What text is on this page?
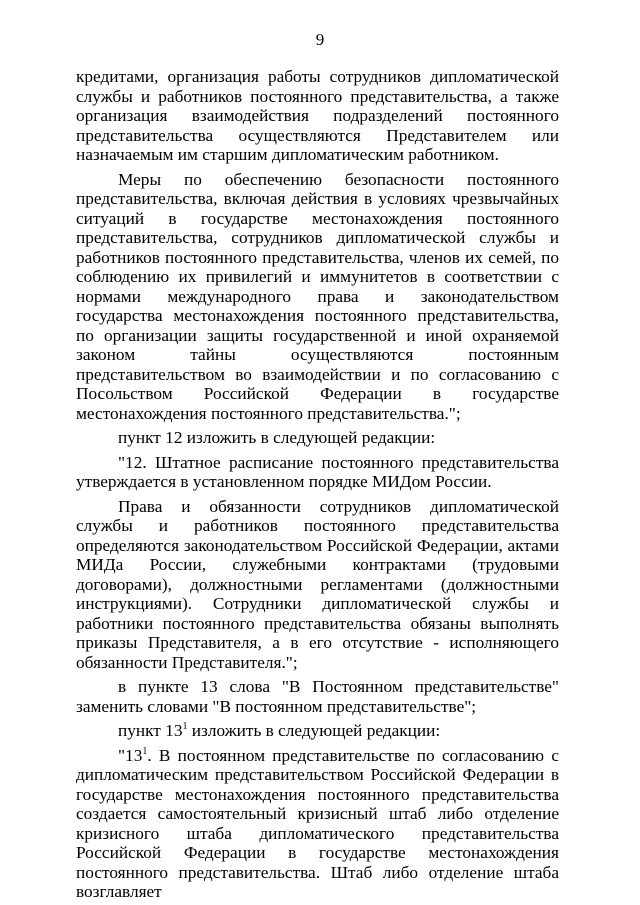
9

кредитами, организация работы сотрудников дипломатической службы и работников постоянного представительства, а также организация взаимодействия подразделений постоянного представительства осуществляются Представителем или назначаемым им старшим дипломатическим работником.

Меры по обеспечению безопасности постоянного представительства, включая действия в условиях чрезвычайных ситуаций в государстве местонахождения постоянного представительства, сотрудников дипломатической службы и работников постоянного представительства, членов их семей, по соблюдению их привилегий и иммунитетов в соответствии с нормами международного права и законодательством государства местонахождения постоянного представительства, по организации защиты государственной и иной охраняемой законом тайны осуществляются постоянным представительством во взаимодействии и по согласованию с Посольством Российской Федерации в государстве местонахождения постоянного представительства.";

пункт 12 изложить в следующей редакции:

"12. Штатное расписание постоянного представительства утверждается в установленном порядке МИДом России.

Права и обязанности сотрудников дипломатической службы и работников постоянного представительства определяются законодательством Российской Федерации, актами МИДа России, служебными контрактами (трудовыми договорами), должностными регламентами (должностными инструкциями). Сотрудники дипломатической службы и работники постоянного представительства обязаны выполнять приказы Представителя, а в его отсутствие - исполняющего обязанности Представителя.";

в пункте 13 слова "В Постоянном представительстве" заменить словами "В постоянном представительстве";

пункт $13^1$ изложить в следующей редакции:

"$13^1$. В постоянном представительстве по согласованию с дипломатическим представительством Российской Федерации в государстве местонахождения постоянного представительства создается самостоятельный кризисный штаб либо отделение кризисного штаба дипломатического представительства Российской Федерации в государстве местонахождения постоянного представительства. Штаб либо отделение штаба возглавляет
